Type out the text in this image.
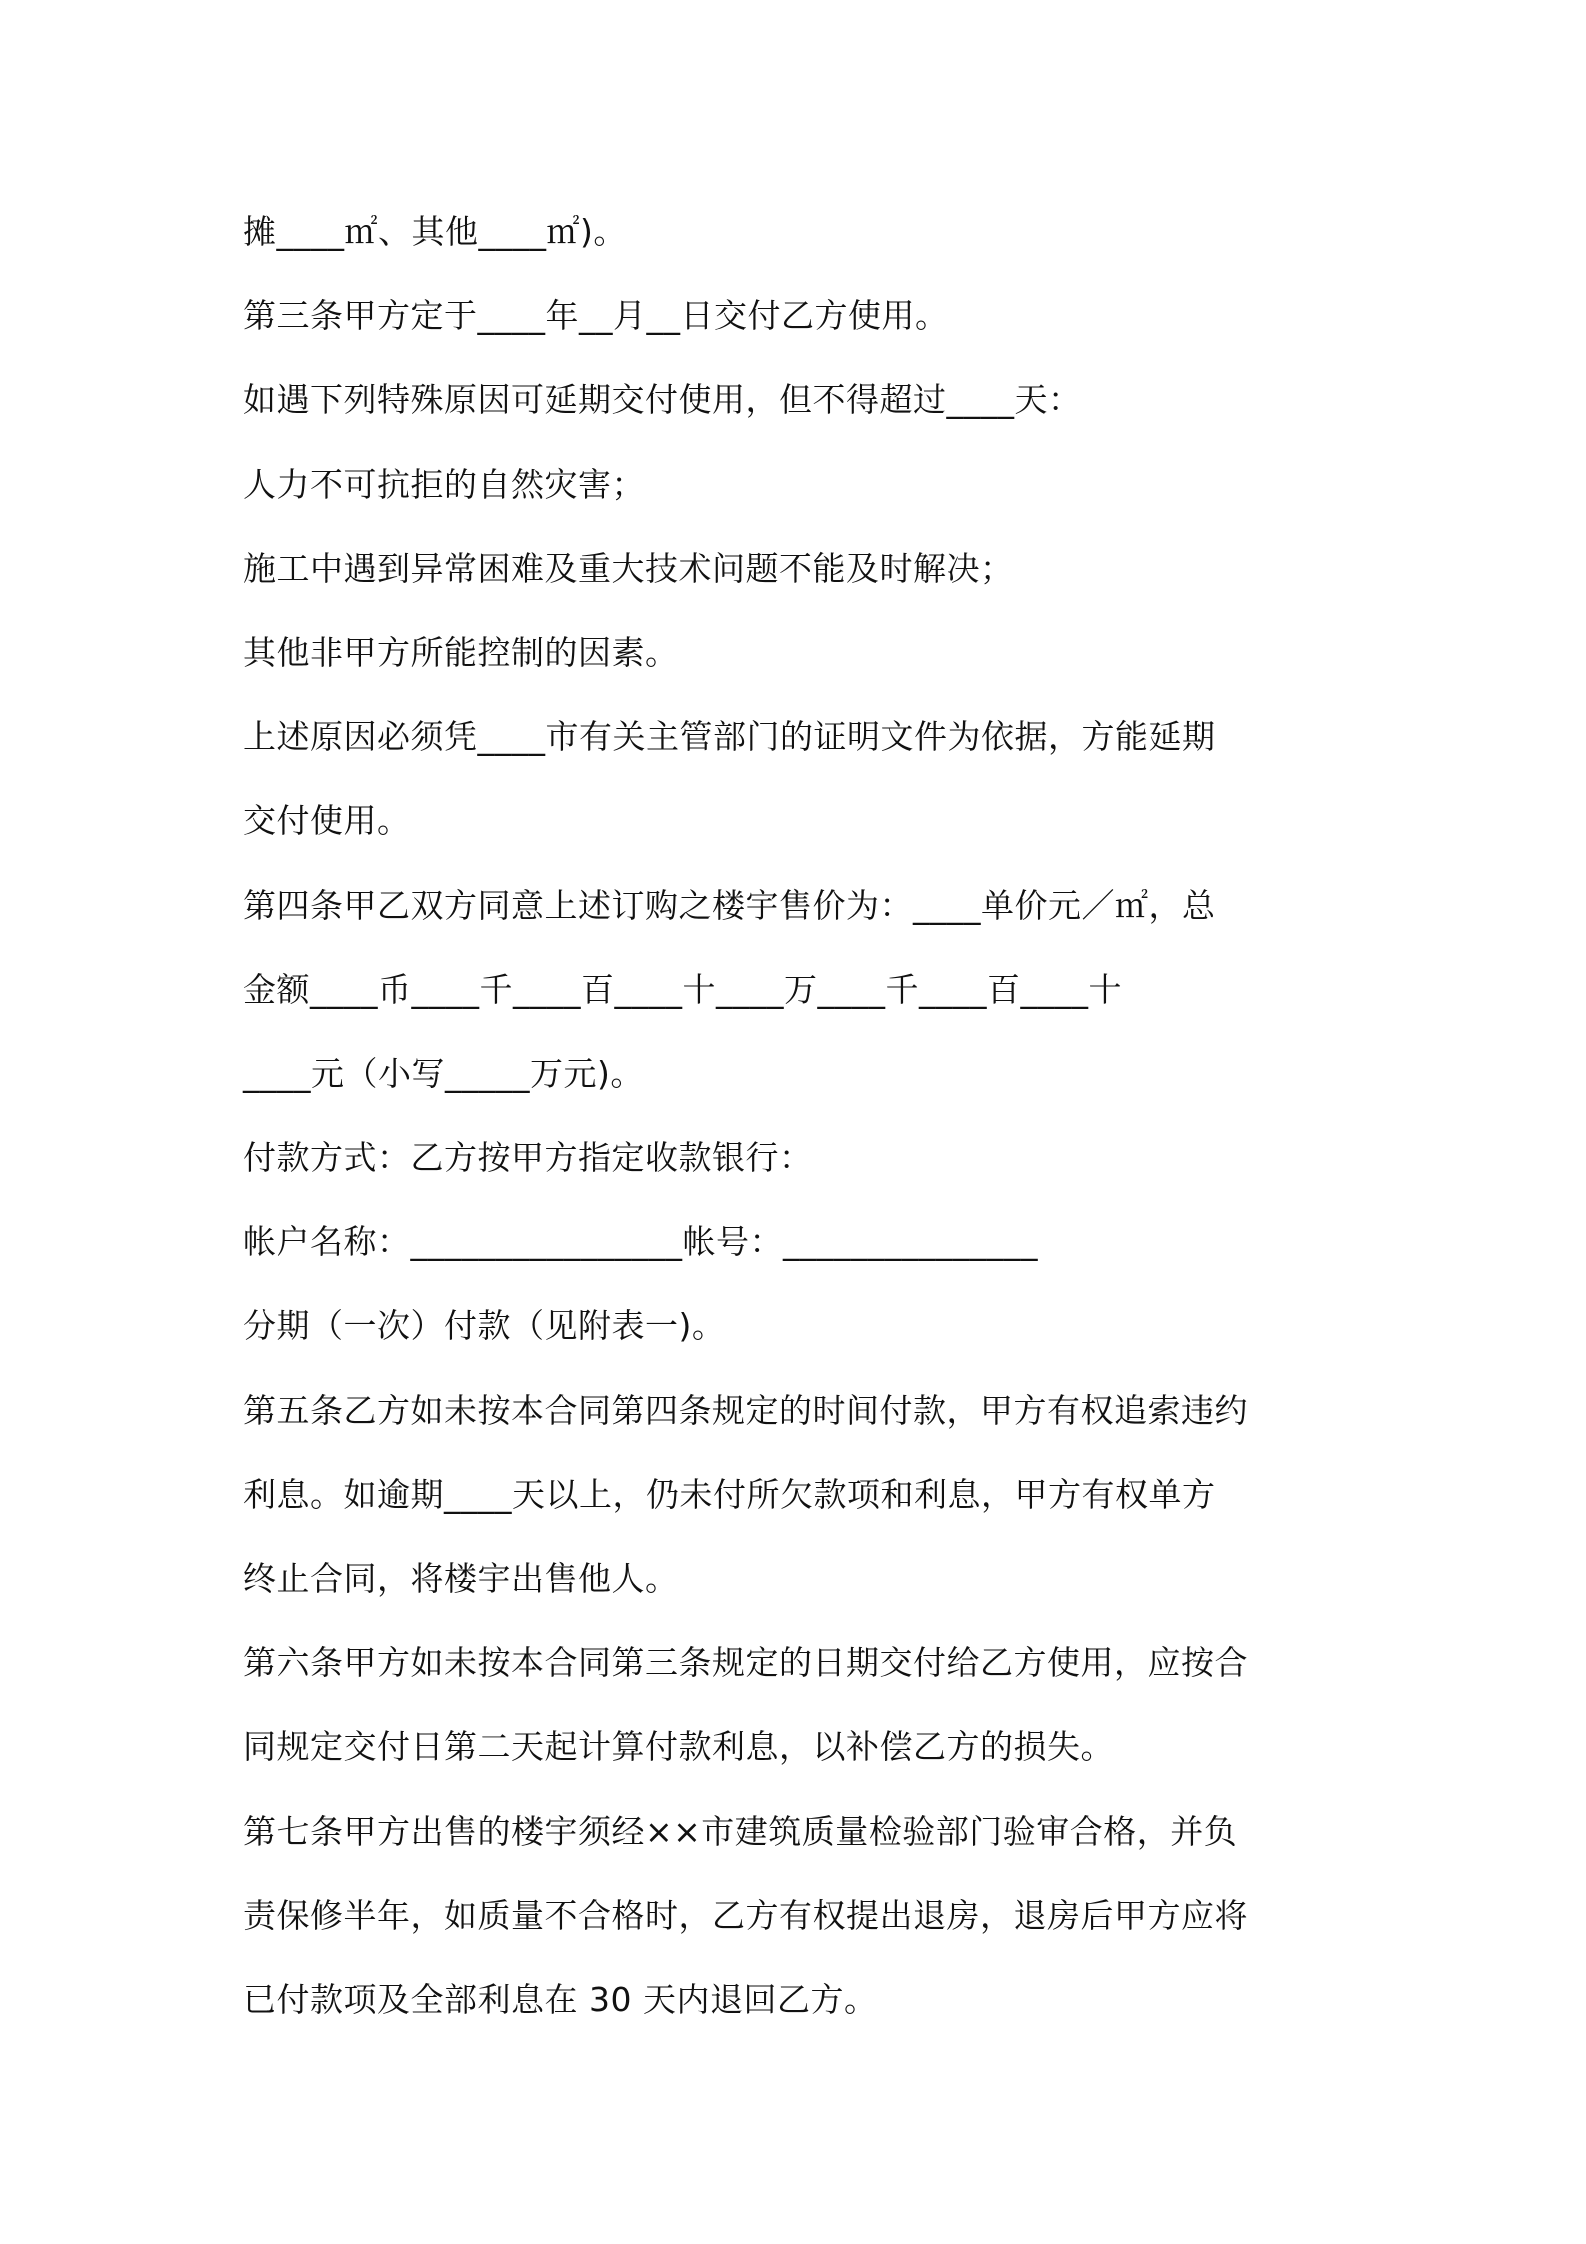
摊____㎡、其他____㎡)。
第三条甲方定于____年__月__日交付乙方使用。
如遇下列特殊原因可延期交付使用，但不得超过____天：
人力不可抗拒的自然灾害；
施工中遇到异常困难及重大技术问题不能及时解决；
其他非甲方所能控制的因素。
上述原因必须凭____市有关主管部门的证明文件为依据，方能延期
交付使用。
第四条甲乙双方同意上述订购之楼宇售价为：____单价元／㎡，总
金额____币____千____百____十____万____千____百____十
____元（小写_____万元)。
付款方式：乙方按甲方指定收款银行：
帐户名称：________________帐号：_______________
分期（一次）付款（见附表一)。
第五条乙方如未按本合同第四条规定的时间付款，甲方有权追索违约
利息。如逾期____天以上，仍未付所欠款项和利息，甲方有权单方
终止合同，将楼宇出售他人。
第六条甲方如未按本合同第三条规定的日期交付给乙方使用，应按合
同规定交付日第二天起计算付款利息，以补偿乙方的损失。
第七条甲方出售的楼宇须经××市建筑质量检验部门验审合格，并负
责保修半年，如质量不合格时，乙方有权提出退房，退房后甲方应将
已付款项及全部利息在 30 天内退回乙方。
